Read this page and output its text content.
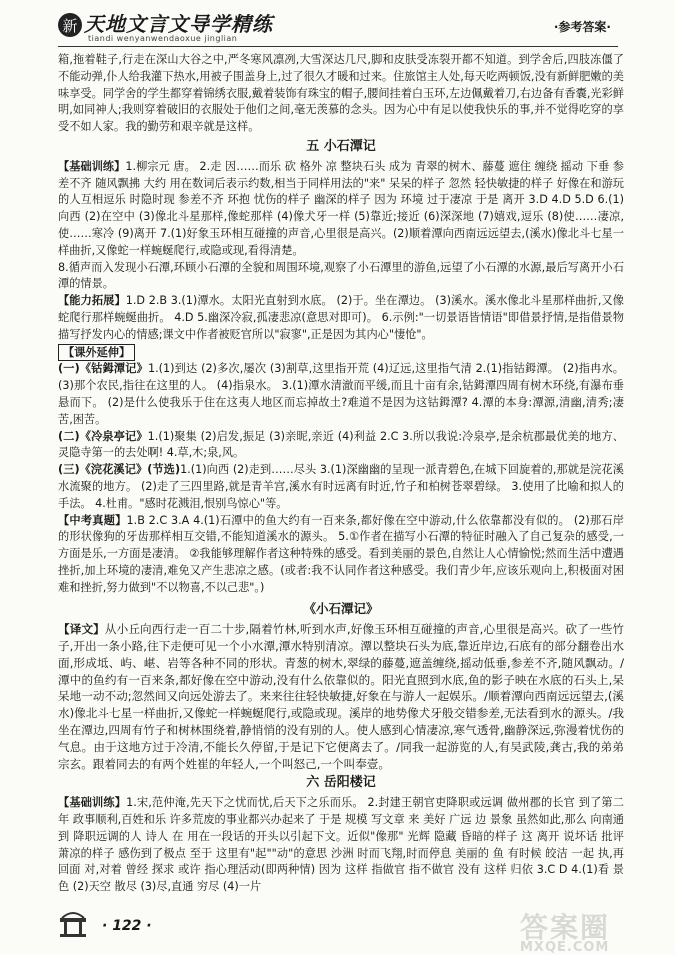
新 天地文言文导学精练
tiandi wenyanwendaoxue jinglian
·参考答案·

箱,拖着鞋子,行走在深山大谷之中,严冬寒风凛冽,大雪深达几尺,脚和皮肤受冻裂开都不知道。到学舍后,四肢冻僵了不能动弹,仆人给我灌下热水,用被子围盖身上,过了很久才暖和过来。住旅馆主人处,每天吃两顿饭,没有新鲜肥嫩的美味享受。同学舍的学生都穿着锦绣衣服,戴着装饰有珠宝的帽子,腰间挂着白玉环,左边佩戴着刀,右边备有香囊,光彩鲜明,如同神人;我则穿着破旧的衣服处于他们之间,毫无羡慕的念头。因为心中有足以使我快乐的事,并不觉得吃穿的享受不如人家。我的勤劳和艰辛就是这样。

五 小石潭记

【基础训练】1.柳宗元 唐。 2.走 因……而乐 砍 格外 凉 整块石头 成为 青翠的树木、藤蔓 遮住 缠绕 摇动 下垂 参差不齐 随风飘拂 大约 用在数词后表示约数,相当于同样用法的"来" 呆呆的样子 忽然 轻快敏捷的样子 好像在和游玩的人互相逗乐 时隐时现 参差不齐 环抱 忧伤的样子 幽深的样子 因为 环境 过于凄凉 于是 离开 3.D 4.D 5.D 6.(1)向西 (2)在空中 (3)像北斗星那样,像蛇那样 (4)像犬牙一样 (5)靠近;接近 (6)深深地 (7)嬉戏,逗乐 (8)使……凄凉,使……寒冷 (9)离开 7.(1)好象玉环相互碰撞的声音,心里很是高兴。(2)顺着潭向西南远远望去,(溪水)像北斗七星一样曲折,又像蛇一样蜿蜒爬行,或隐或现,看得清楚。

8.循声而入发现小石潭,环顾小石潭的全貌和周围环境,观察了小石潭里的游鱼,远望了小石潭的水源,最后写离开小石潭的情景。

【能力拓展】1.D 2.B 3.(1)潭水。太阳光直射到水底。 (2)于。坐在潭边。 (3)溪水。溪水像北斗星那样曲折,又像蛇爬行那样蜿蜒曲折。 4.D 5.幽深冷寂,孤凄悲凉(意思对即可)。 6.示例:"一切景语皆情语"即借景抒情,是指借景物描写抒发内心的情感;课文中作者被贬官所以"寂寥",正是因为其内心"悽怆"。

【课外延伸】

(一)《钴鉧潭记》1.(1)到达 (2)多次,屡次 (3)割草,这里指开荒 (4)辽远,这里指气清 2.(1)指钴鉧潭。 (2)指冉水。 (3)那个农民,指往在这里的人。 (4)指泉水。 3.(1)潭水清澈而平缓,而且十亩有余,钴鉧潭四周有树木环绕,有瀑布垂悬而下。 (2)是什么使我乐于住在这夷人地区而忘掉故土?难道不是因为这钴鉧潭? 4.潭的本身:潭源,清幽,清秀;凄苦,困苦。

(二)《冷泉亭记》1.(1)聚集 (2)启发,振足 (3)亲昵,亲近 (4)利益 2.C 3.所以我说:冷泉亭,是余杭郡最优美的地方、灵隐寺第一的去处啊! 4.草,木;泉,风。

(三)《浣花溪记》(节选)1.(1)向西 (2)走到……尽头 3.(1)深幽幽的呈现一派青碧色,在城下回旋着的,那就是浣花溪水流聚的地方。 (2)走了三四里路,就是青羊宫,溪水有时远离有时近,竹子和柏树苍翠碧绿。 3.使用了比喻和拟人的手法。 4.杜甫。"感时花溅泪,恨别鸟惊心"等。

【中考真题】1.B 2.C 3.A 4.(1)石潭中的鱼大约有一百来条,都好像在空中游动,什么依靠都没有似的。 (2)那石岸的形状像狗的牙齿那样相互交错,不能知道溪水的源头。 5.①作者在描写小石潭的特征时融入了自己复杂的感受,一方面是乐,一方面是凄清。 ②我能够理解作者这种特殊的感受。看到美丽的景色,自然让人心情愉悦;然而生活中遭遇挫折,加上环境的凄清,难免又产生悲凉之感。(或者:我不认同作者这种感受。我们青少年,应该乐观向上,积极面对困难和挫折,努力做到"不以物喜,不以己悲"。)

《小石潭记》

【译文】从小丘向西行走一百二十步,隔着竹林,听到水声,好像玉环相互碰撞的声音,心里很是高兴。砍了一些竹子,开出一条小路,往下走便可见一个小水潭,潭水特别清凉。潭以整块石头为底,靠近岸边,石底有的部分翻卷出水面,形成坻、屿、嵁、岩等各种不同的形状。青葱的树木,翠绿的藤蔓,遮盖缠绕,摇动低垂,参差不齐,随风飘动。/潭中的鱼约有一百来条,都好像在空中游动,没有什么依靠似的。阳光直照到水底,鱼的影子映在水底的石头上,呆呆地一动不动;忽然间又向远处游去了。来来往往轻快敏捷,好象在与游人一起娱乐。/顺着潭向西南远远望去,(溪水)像北斗七星一样曲折,又像蛇一样蜿蜒爬行,或隐或现。溪岸的地势像犬牙般交错参差,无法看到水的源头。/我坐在潭边,四周有竹子和树林围绕着,静悄悄的没有别的人。使人感到心情凄凉,寒气透骨,幽静深远,弥漫着忧伤的气息。由于这地方过于冷清,不能长久停留,于是记下它便离去了。/同我一起游览的人,有吴武陵,龚古,我的弟弟宗玄。跟着同去的有两个姓崔的年轻人,一个叫怒己,一个叫奉壹。

六 岳阳楼记

【基础训练】1.宋,范仲淹,先天下之忧而忧,后天下之乐而乐。 2.封建王朝官吏降职或远调 做州郡的长官 到了第二年 政事顺利,百姓和乐 许多荒废的事业都兴办起来了 于是 规模 写文章 来 美好 广远 边 景象 虽然如此,那么 向南通到 降职远调的人 诗人 在 用在一段话的开头以引起下文。近似"像那" 光辉 隐藏 昏暗的样子 这 离开 说坏话 批评 萧凉的样子 感伤到了极点 至于 这里有"起""动"的意思 沙洲 时而飞翔,时而停息 美丽的 鱼 有时候 皎洁 一起 执,再 回面 对,对着 曾经 探求 或许 指心理活动(即两种情) 因为 这样 指做官 指不做官 没有 这样 归依 3.C D 4.(1)看 景色 (2)天空 散尽 (3)尽,直通 穷尽 (4)一片

· 122 ·	答案圈
MXQE.COM
